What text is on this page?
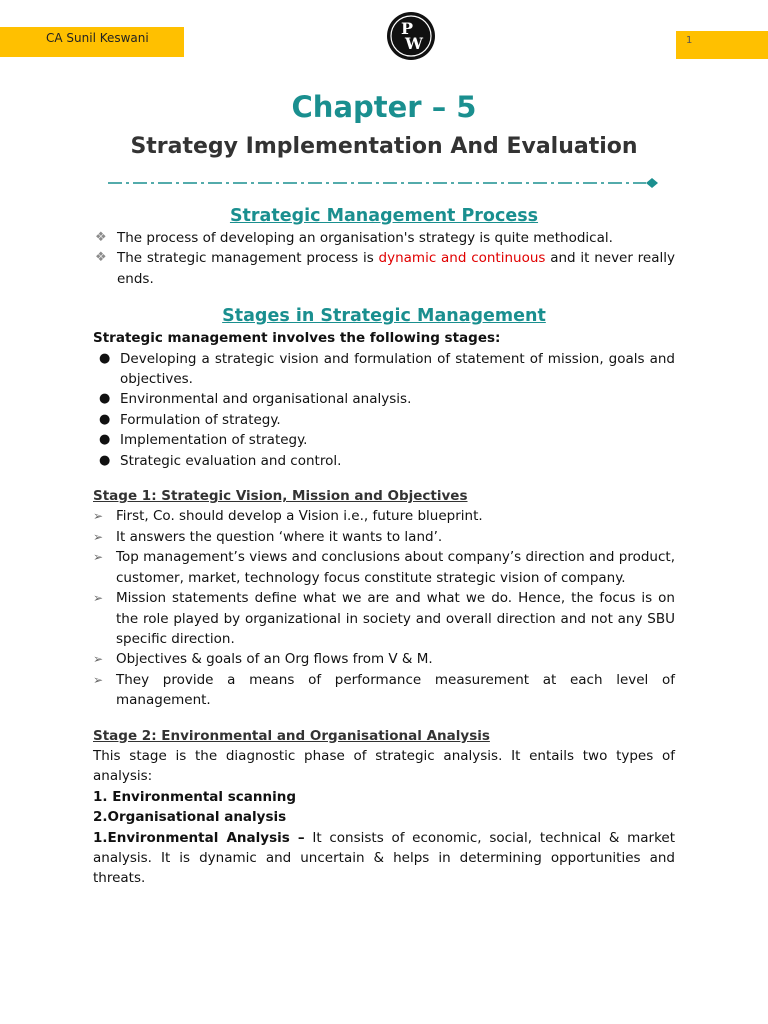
CA Sunil Keswani	P
W	1
Chapter – 5
Strategy Implementation And Evaluation
Strategic Management Process
❖ The process of developing an organisation's strategy is quite methodical.
❖ The strategic management process is dynamic and continuous and it never really ends.
Stages in Strategic Management

Strategic management involves the following stages:

● Developing a strategic vision and formulation of statement of mission, goals and objectives.
● Environmental and organisational analysis.
● Formulation of strategy.
● Implementation of strategy.
● Strategic evaluation and control.

Stage 1: Strategic Vision, Mission and Objectives

➢ First, Co. should develop a Vision i.e., future blueprint.
➢ It answers the question ‘where it wants to land’.
➢ Top management’s views and conclusions about company’s direction and product, customer, market, technology focus constitute strategic vision of company.
➢ Mission statements define what we are and what we do. Hence, the focus is on the role played by organizational in society and overall direction and not any SBU specific direction.
➢ Objectives & goals of an Org flows from V & M.
➢ They provide a means of performance measurement at each level of management.

Stage 2: Environmental and Organisational Analysis

This stage is the diagnostic phase of strategic analysis. It entails two types of analysis:

1. Environmental scanning

2.Organisational analysis

1.Environmental Analysis – It consists of economic, social, technical & market analysis. It is dynamic and uncertain & helps in determining opportunities and threats.
